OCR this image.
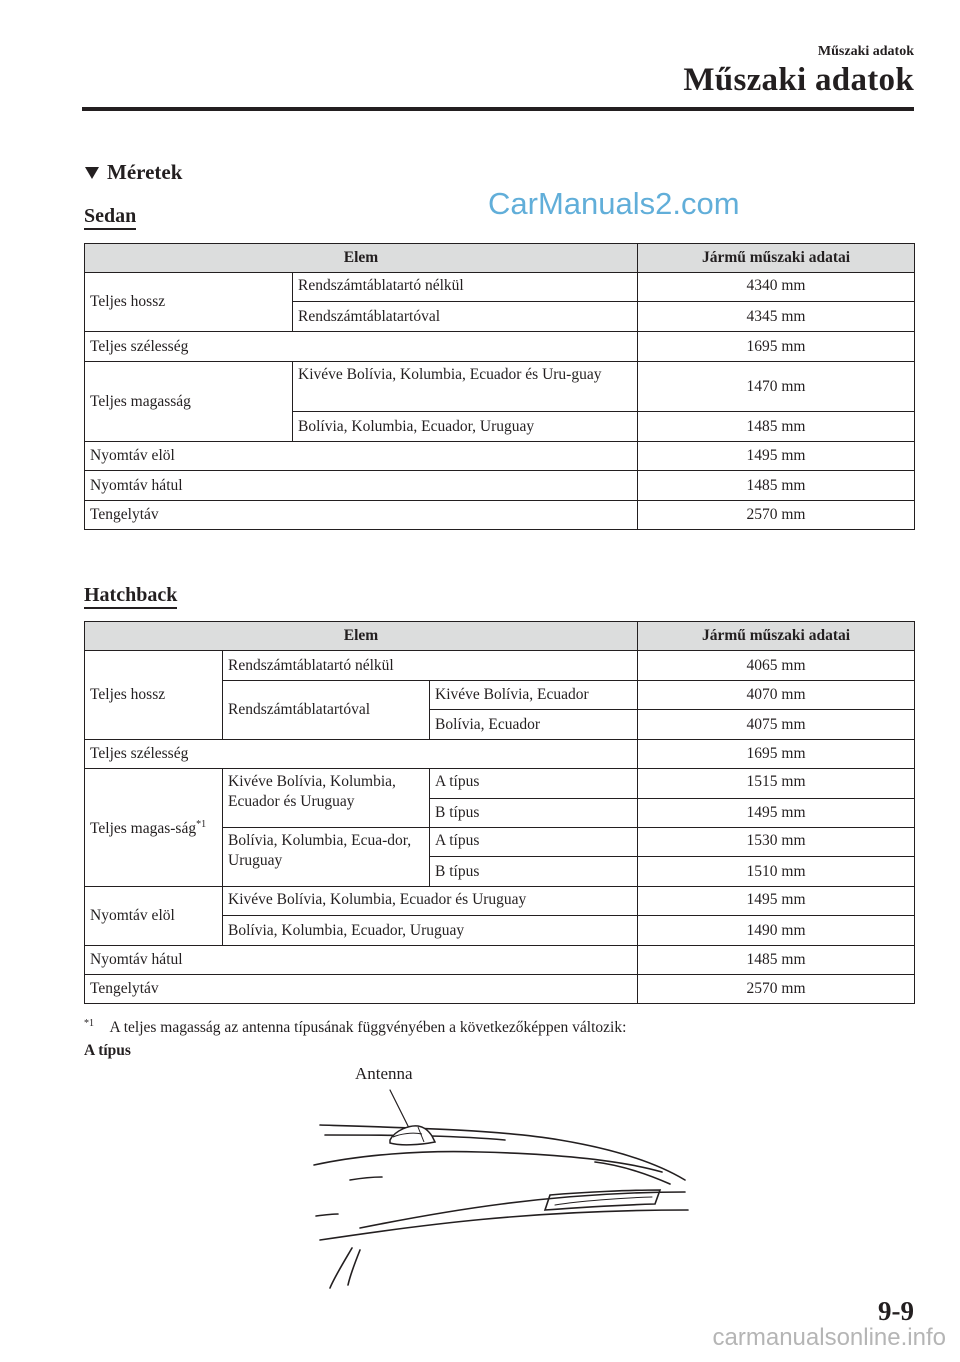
Műszaki adatok
Műszaki adatok
Méretek
CarManuals2.com
Sedan
Elem		Jármű műszaki adatai
Teljes hossz	Rendszámtáblatartó nélkül	4340 mm
	Rendszámtáblatartóval	4345 mm
Teljes szélesség		1695 mm
Teljes magasság	Kivéve Bolívia, Kolumbia, Ecuador és Uru-guay	1470 mm
	Bolívia, Kolumbia, Ecuador, Uruguay	1485 mm
Nyomtáv elöl		1495 mm
Nyomtáv hátul		1485 mm
Tengelytáv		2570 mm
Hatchback
Elem			Jármű műszaki adatai
Teljes hossz	Rendszámtáblatartó nélkül		4065 mm
	Rendszámtáblatartóval	Kivéve Bolívia, Ecuador	4070 mm
		Bolívia, Ecuador	4075 mm
Teljes szélesség			1695 mm
Teljes magas-ság$^{*1}$	Kivéve Bolívia, Kolumbia, Ecuador és Uruguay	A típus	1515 mm
		B típus	1495 mm
	Bolívia, Kolumbia, Ecua-dor, Uruguay	A típus	1530 mm
		B típus	1510 mm
Nyomtáv elöl	Kivéve Bolívia, Kolumbia, Ecuador és Uruguay		1495 mm
	Bolívia, Kolumbia, Ecuador, Uruguay		1490 mm
Nyomtáv hátul			1485 mm
Tengelytáv			2570 mm
$^{*1}$ A teljes magasság az antenna típusának függvényében a következőképpen változik:
A típus
Antenna
9-9
carmanualsonline.info
